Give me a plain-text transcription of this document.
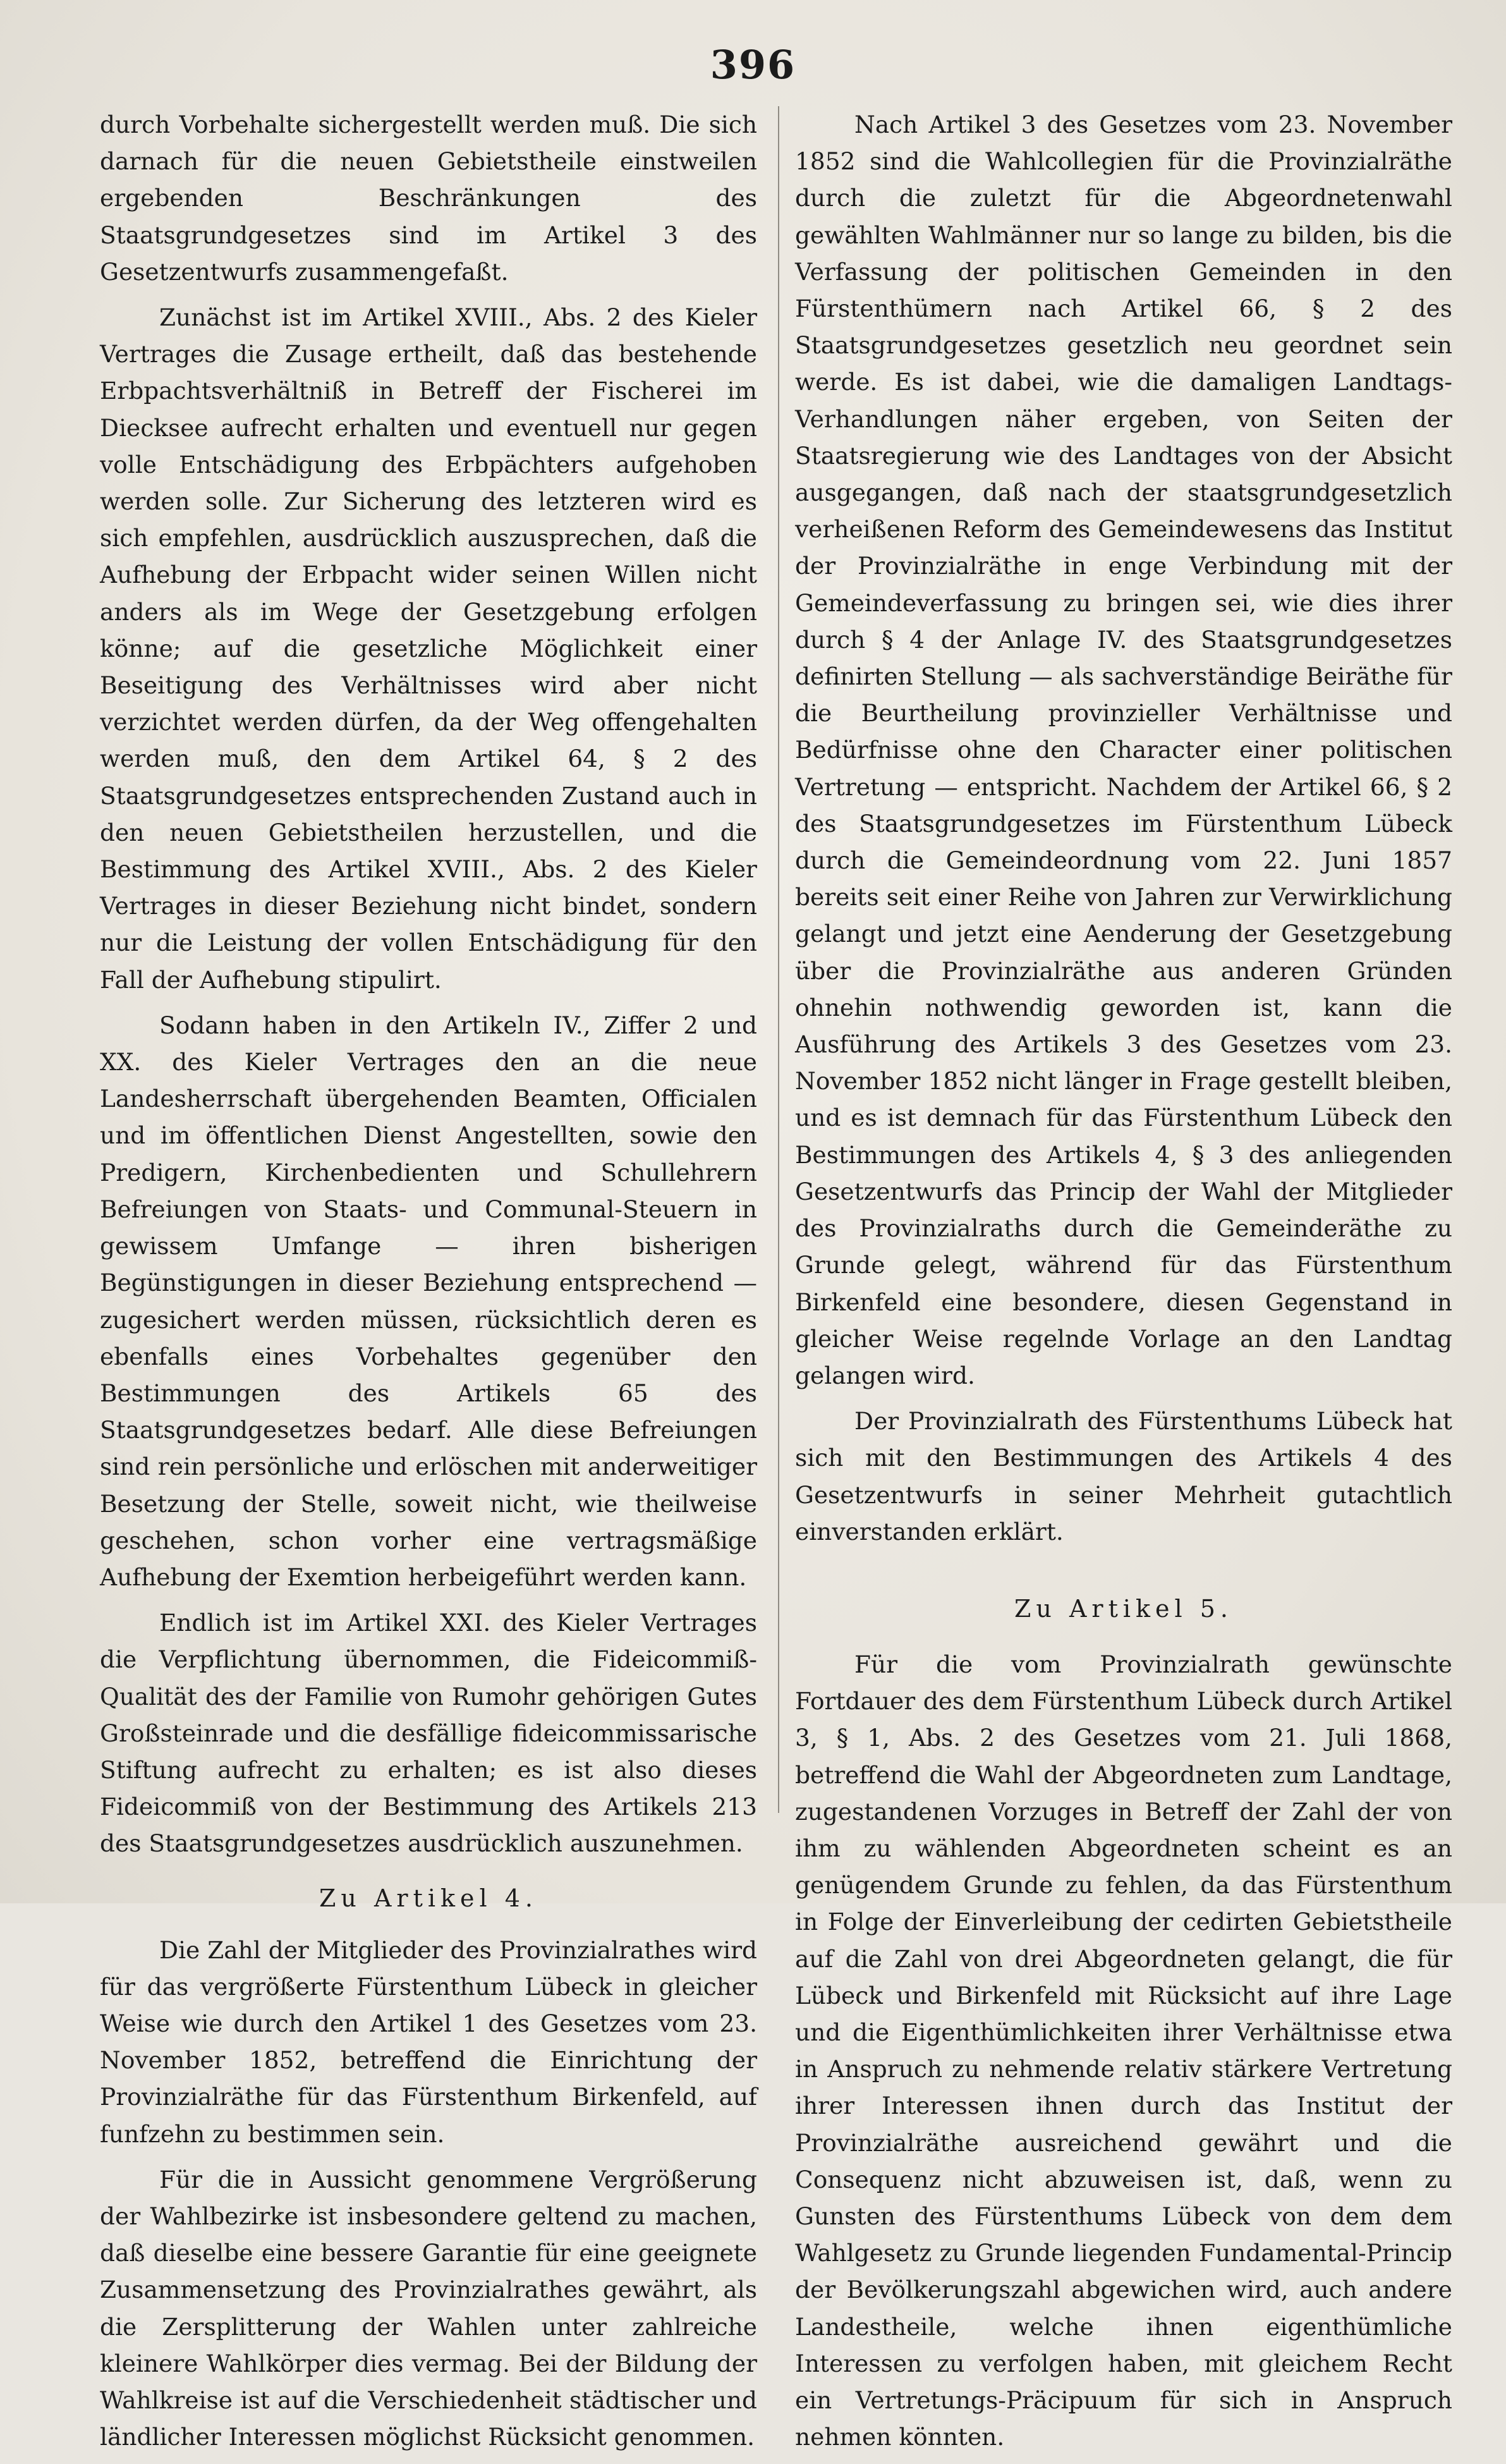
396

durch Vorbehalte sichergestellt werden muß. Die sich darnach für die neuen Gebietstheile einstweilen ergebenden Beschränkungen des Staatsgrundgesetzes sind im Artikel 3 des Gesetzentwurfs zusammengefaßt.

Zunächst ist im Artikel XVIII., Abs. 2 des Kieler Vertrages die Zusage ertheilt, daß das bestehende Erbpachtsverhältniß in Betreff der Fischerei im Diecksee aufrecht erhalten und eventuell nur gegen volle Entschädigung des Erbpächters aufgehoben werden solle. Zur Sicherung des letzteren wird es sich empfehlen, ausdrücklich auszusprechen, daß die Aufhebung der Erbpacht wider seinen Willen nicht anders als im Wege der Gesetzgebung erfolgen könne; auf die gesetzliche Möglichkeit einer Beseitigung des Verhältnisses wird aber nicht verzichtet werden dürfen, da der Weg offengehalten werden muß, den dem Artikel 64, § 2 des Staatsgrundgesetzes entsprechenden Zustand auch in den neuen Gebietstheilen herzustellen, und die Bestimmung des Artikel XVIII., Abs. 2 des Kieler Vertrages in dieser Beziehung nicht bindet, sondern nur die Leistung der vollen Entschädigung für den Fall der Aufhebung stipulirt.

Sodann haben in den Artikeln IV., Ziffer 2 und XX. des Kieler Vertrages den an die neue Landesherrschaft übergehenden Beamten, Officialen und im öffentlichen Dienst Angestellten, sowie den Predigern, Kirchenbedienten und Schullehrern Befreiungen von Staats- und Communal-Steuern in gewissem Umfange — ihren bisherigen Begünstigungen in dieser Beziehung entsprechend — zugesichert werden müssen, rücksichtlich deren es ebenfalls eines Vorbehaltes gegenüber den Bestimmungen des Artikels 65 des Staatsgrundgesetzes bedarf. Alle diese Befreiungen sind rein persönliche und erlöschen mit anderweitiger Besetzung der Stelle, soweit nicht, wie theilweise geschehen, schon vorher eine vertragsmäßige Aufhebung der Exemtion herbeigeführt werden kann.

Endlich ist im Artikel XXI. des Kieler Vertrages die Verpflichtung übernommen, die Fideicommiß-Qualität des der Familie von Rumohr gehörigen Gutes Großsteinrade und die desfällige fideicommissarische Stiftung aufrecht zu erhalten; es ist also dieses Fideicommiß von der Bestimmung des Artikels 213 des Staatsgrundgesetzes ausdrücklich auszunehmen.

Zu Artikel 4.

Die Zahl der Mitglieder des Provinzialrathes wird für das vergrößerte Fürstenthum Lübeck in gleicher Weise wie durch den Artikel 1 des Gesetzes vom 23. November 1852, betreffend die Einrichtung der Provinzialräthe für das Fürstenthum Birkenfeld, auf funfzehn zu bestimmen sein.

Für die in Aussicht genommene Vergrößerung der Wahlbezirke ist insbesondere geltend zu machen, daß dieselbe eine bessere Garantie für eine geeignete Zusammensetzung des Provinzialrathes gewährt, als die Zersplitterung der Wahlen unter zahlreiche kleinere Wahlkörper dies vermag. Bei der Bildung der Wahlkreise ist auf die Verschiedenheit städtischer und ländlicher Interessen möglichst Rücksicht genommen.

Nach Artikel 3 des Gesetzes vom 23. November 1852 sind die Wahlcollegien für die Provinzialräthe durch die zuletzt für die Abgeordnetenwahl gewählten Wahlmänner nur so lange zu bilden, bis die Verfassung der politischen Gemeinden in den Fürstenthümern nach Artikel 66, § 2 des Staatsgrundgesetzes gesetzlich neu geordnet sein werde. Es ist dabei, wie die damaligen Landtags-Verhandlungen näher ergeben, von Seiten der Staatsregierung wie des Landtages von der Absicht ausgegangen, daß nach der staatsgrundgesetzlich verheißenen Reform des Gemeindewesens das Institut der Provinzialräthe in enge Verbindung mit der Gemeindeverfassung zu bringen sei, wie dies ihrer durch § 4 der Anlage IV. des Staatsgrundgesetzes definirten Stellung — als sachverständige Beiräthe für die Beurtheilung provinzieller Verhältnisse und Bedürfnisse ohne den Character einer politischen Vertretung — entspricht. Nachdem der Artikel 66, § 2 des Staatsgrundgesetzes im Fürstenthum Lübeck durch die Gemeindeordnung vom 22. Juni 1857 bereits seit einer Reihe von Jahren zur Verwirklichung gelangt und jetzt eine Aenderung der Gesetzgebung über die Provinzialräthe aus anderen Gründen ohnehin nothwendig geworden ist, kann die Ausführung des Artikels 3 des Gesetzes vom 23. November 1852 nicht länger in Frage gestellt bleiben, und es ist demnach für das Fürstenthum Lübeck den Bestimmungen des Artikels 4, § 3 des anliegenden Gesetzentwurfs das Princip der Wahl der Mitglieder des Provinzialraths durch die Gemeinderäthe zu Grunde gelegt, während für das Fürstenthum Birkenfeld eine besondere, diesen Gegenstand in gleicher Weise regelnde Vorlage an den Landtag gelangen wird.

Der Provinzialrath des Fürstenthums Lübeck hat sich mit den Bestimmungen des Artikels 4 des Gesetzentwurfs in seiner Mehrheit gutachtlich einverstanden erklärt.

Zu Artikel 5.

Für die vom Provinzialrath gewünschte Fortdauer des dem Fürstenthum Lübeck durch Artikel 3, § 1, Abs. 2 des Gesetzes vom 21. Juli 1868, betreffend die Wahl der Abgeordneten zum Landtage, zugestandenen Vorzuges in Betreff der Zahl der von ihm zu wählenden Abgeordneten scheint es an genügendem Grunde zu fehlen, da das Fürstenthum in Folge der Einverleibung der cedirten Gebietstheile auf die Zahl von drei Abgeordneten gelangt, die für Lübeck und Birkenfeld mit Rücksicht auf ihre Lage und die Eigenthümlichkeiten ihrer Verhältnisse etwa in Anspruch zu nehmende relativ stärkere Vertretung ihrer Interessen ihnen durch das Institut der Provinzialräthe ausreichend gewährt und die Consequenz nicht abzuweisen ist, daß, wenn zu Gunsten des Fürstenthums Lübeck von dem dem Wahlgesetz zu Grunde liegenden Fundamental-Princip der Bevölkerungszahl abgewichen wird, auch andere Landestheile, welche ihnen eigenthümliche Interessen zu verfolgen haben, mit gleichem Recht ein Vertretungs-Präcipuum für sich in Anspruch nehmen könnten.
